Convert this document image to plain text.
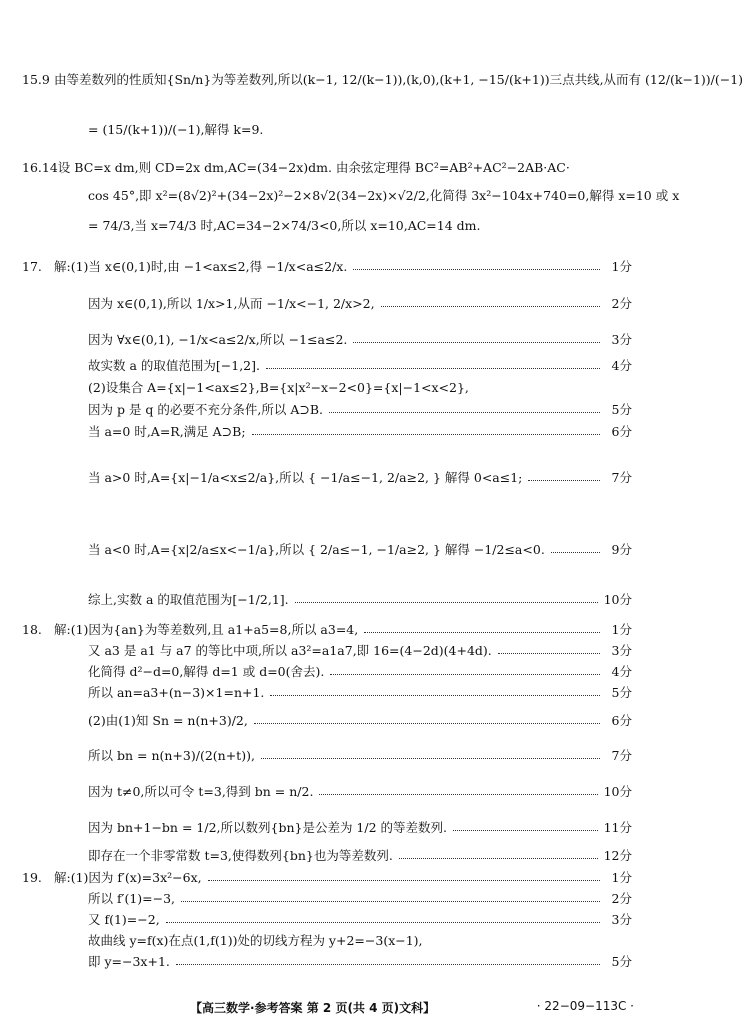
15.9 由等差数列的性质知{Sn/n}为等差数列,所以(k−1, 12/(k−1)),(k,0),(k+1, −15/(k+1))三点共线,从而有 (12/(k−1))/(−1)
= (15/(k+1))/(−1),解得 k=9.
16.14 设 BC=x dm,则 CD=2x dm,AC=(34−2x)dm. 由余弦定理得 BC²=AB²+AC²−2AB·AC·
cos 45°,即 x²=(8√2)²+(34−2x)²−2×8√2(34−2x)×√2/2,化简得 3x²−104x+740=0,解得 x=10 或 x
= 74/3,当 x=74/3 时,AC=34−2×74/3<0,所以 x=10,AC=14 dm.
17. 解:(1)当 x∈(0,1)时,由 −1<ax≤2,得 −1/x<a≤2/x.	1分
因为 x∈(0,1),所以 1/x>1,从而 −1/x<−1, 2/x>2,	2分
因为 ∀x∈(0,1), −1/x<a≤2/x,所以 −1≤a≤2.	3分
故实数 a 的取值范围为[−1,2].	4分
(2)设集合 A={x|−1<ax≤2},B={x|x²−x−2<0}={x|−1<x<2},
因为 p 是 q 的必要不充分条件,所以 A⊃B.	5分
当 a=0 时,A=R,满足 A⊃B;	6分
当 a>0 时,A={x|−1/a<x≤2/a},所以 { −1/a≤−1, 2/a≥2, } 解得 0<a≤1;	7分
当 a<0 时,A={x|2/a≤x<−1/a},所以 { 2/a≤−1, −1/a≥2, } 解得 −1/2≤a<0.	9分
综上,实数 a 的取值范围为[−1/2,1].	10分
18. 解:(1)因为{an}为等差数列,且 a1+a5=8,所以 a3=4,	1分
又 a3 是 a1 与 a7 的等比中项,所以 a3²=a1a7,即 16=(4−2d)(4+4d).	3分
化简得 d²−d=0,解得 d=1 或 d=0(舍去).	4分
所以 an=a3+(n−3)×1=n+1.	5分
(2)由(1)知 Sn = n(n+3)/2,	6分
所以 bn = n(n+3)/(2(n+t)),	7分
因为 t≠0,所以可令 t=3,得到 bn = n/2.	10分
因为 bn+1−bn = 1/2,所以数列{bn}是公差为 1/2 的等差数列.	11分
即存在一个非零常数 t=3,使得数列{bn}也为等差数列.	12分
19. 解:(1)因为 f′(x)=3x²−6x,	1分
所以 f′(1)=−3,	2分
又 f(1)=−2,	3分
故曲线 y=f(x)在点(1,f(1))处的切线方程为 y+2=−3(x−1),
即 y=−3x+1.	5分
【高三数学·参考答案 第 2 页(共 4 页)文科】	· 22−09−113C ·
